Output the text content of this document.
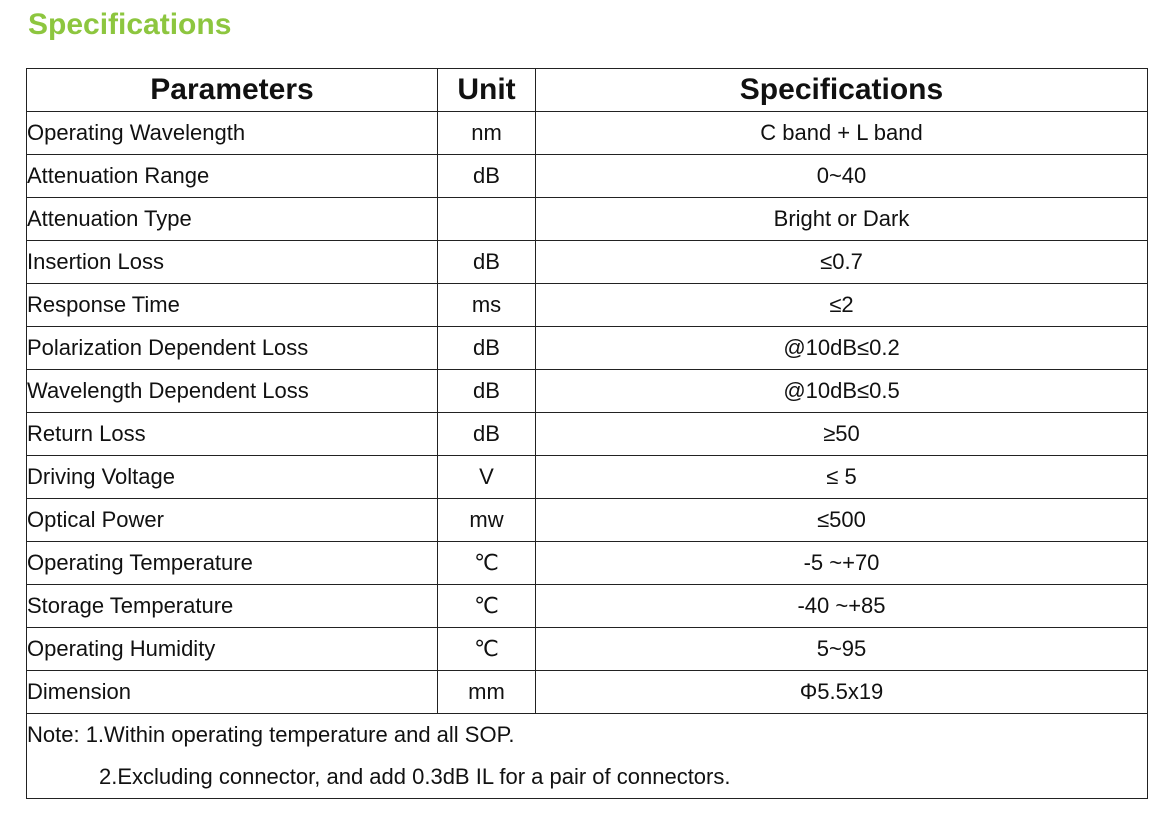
Specifications
Parameters	Unit	Specifications
Operating Wavelength	nm	C band + L band
Attenuation Range	dB	0~40
Attenuation Type		Bright or Dark
Insertion Loss	dB	≤0.7
Response Time	ms	≤2
Polarization Dependent Loss	dB	@10dB≤0.2
Wavelength Dependent Loss	dB	@10dB≤0.5
Return Loss	dB	≥50
Driving Voltage	V	≤ 5
Optical Power	mw	≤500
Operating Temperature	℃	-5 ~+70
Storage Temperature	℃	-40 ~+85
Operating Humidity	℃	5~95
Dimension	mm	Φ5.5x19

Note: 1.Within operating temperature and all SOP.
2.Excluding connector, and add 0.3dB IL for a pair of connectors.		
